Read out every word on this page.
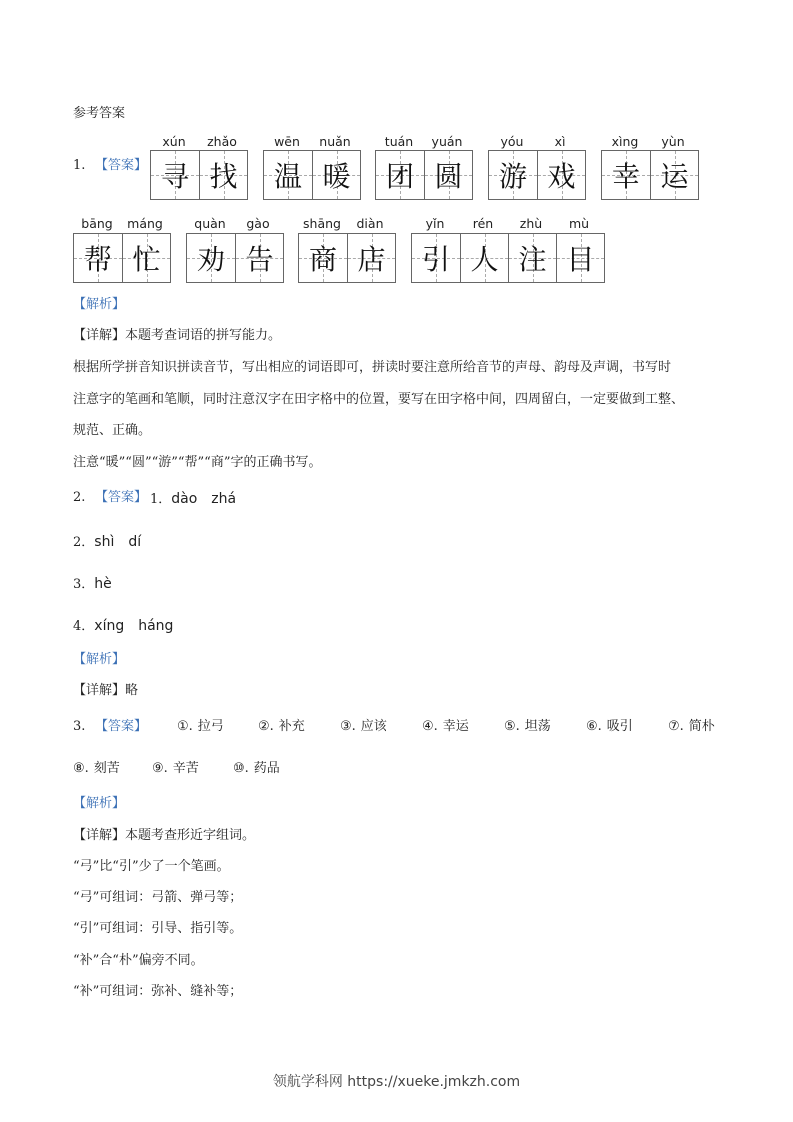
参考答案
1. 【答案】
xún	zhǎo
寻 找
wēn	nuǎn
温 暖
tuán	yuán
团 圆
yóu	xì
游 戏
xìng	yùn
幸 运
bāng	máng
帮 忙
quàn	gào
劝 告
shāng	diàn
商 店
yǐn	rén	zhù	mù
引 人 注 目
【解析】
【详解】本题考查词语的拼写能力。
根据所学拼音知识拼读音节，写出相应的词语即可，拼读时要注意所给音节的声母、韵母及声调，书写时
注意字的笔画和笔顺，同时注意汉字在田字格中的位置，要写在田字格中间，四周留白，一定要做到工整、
规范、正确。
注意“暖”“圆”“游”“帮”“商”字的正确书写。
2. 【答案】 1．dào　zhá
2．shì　dí
3．hè
4．xíng　háng
【解析】
【详解】略
3. 【答案】 ①. 拉弓	②. 补充	③. 应该	④. 幸运	⑤. 坦荡	⑥. 吸引	⑦. 简朴
⑧. 刻苦 ⑨. 辛苦	⑩. 药品
【解析】
【详解】本题考查形近字组词。
“弓”比“引”少了一个笔画。
“弓”可组词：弓箭、弹弓等；
“引”可组词：引导、指引等。
“补”合“朴”偏旁不同。
“补”可组词：弥补、缝补等；
领航学科网 https://xueke.jmkzh.com
